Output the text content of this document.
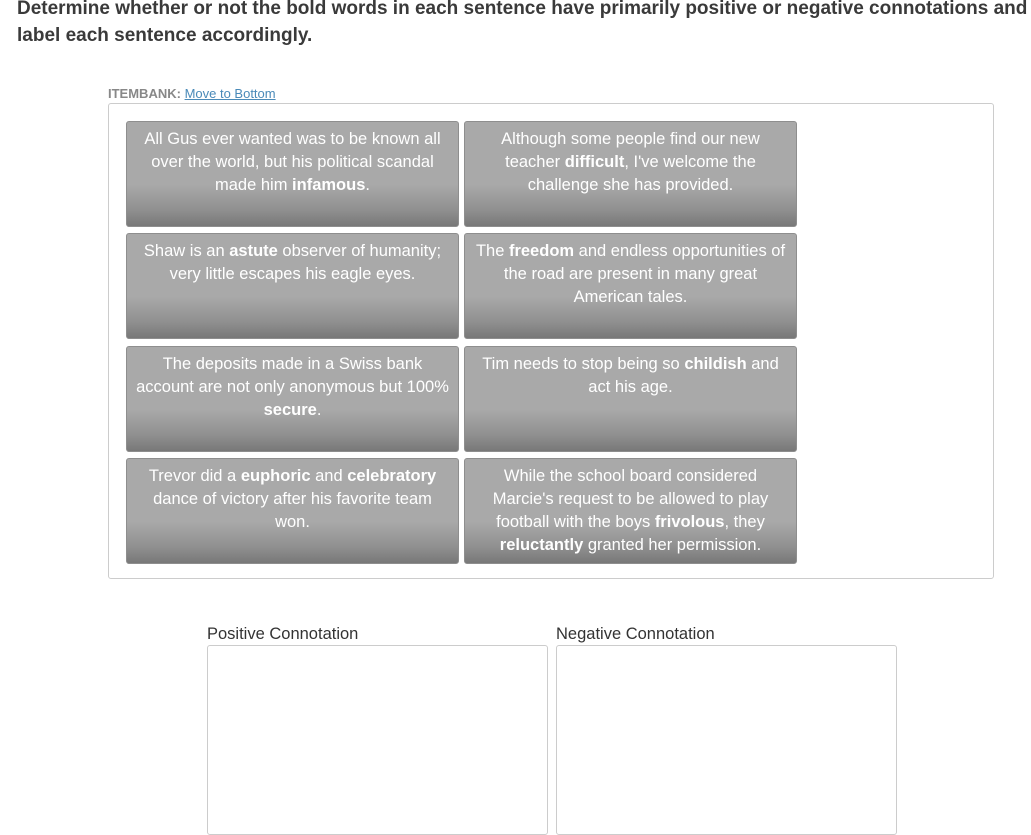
Determine whether or not the bold words in each sentence have primarily positive or negative connotations and label each sentence accordingly.

ITEMBANK: Move to Bottom
All Gus ever wanted was to be known all over the world, but his political scandal made him infamous.
Although some people find our new teacher difficult, I've welcome the challenge she has provided.
Shaw is an astute observer of humanity; very little escapes his eagle eyes.
The freedom and endless opportunities of the road are present in many great American tales.
The deposits made in a Swiss bank account are not only anonymous but 100% secure.
Tim needs to stop being so childish and act his age.
Trevor did a euphoric and celebratory dance of victory after his favorite team won.
While the school board considered Marcie's request to be allowed to play football with the boys frivolous, they reluctantly granted her permission.
Positive Connotation	Negative Connotation
